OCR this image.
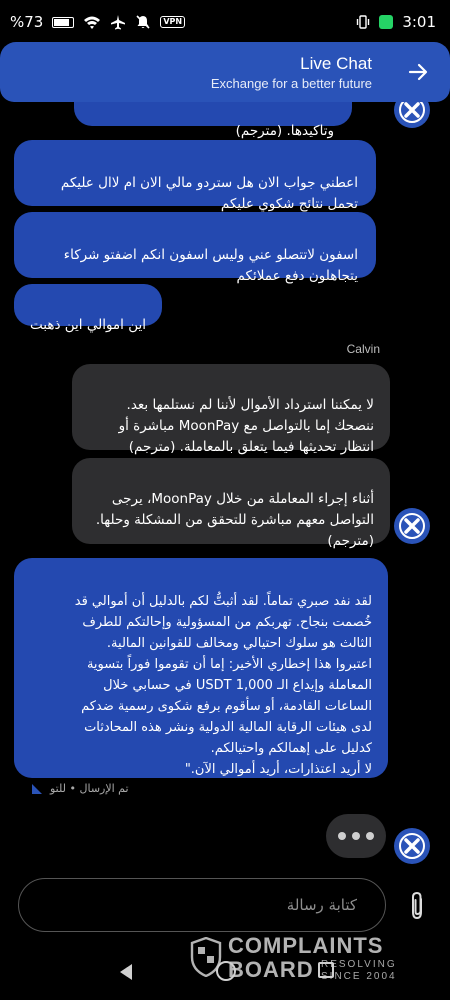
%73	VPN	3:01
Live Chat
Exchange for a better future

وتاكيدها. (مترجم)

اعطني جواب الان هل ستردو مالي الان ام لاال عليكم
تحمل نتائج شكوي عليكم

اسفون لاتتصلو عني وليس اسفون انكم اضفتو شركاء
يتجاهلون دفع عملائكم

اين اموالي اين ذهبت

Calvin

لا يمكننا استرداد الأموال لأننا لم نستلمها بعد.
ننصحك إما بالتواصل مع MoonPay مباشرة أو
انتظار تحديثها فيما يتعلق بالمعاملة. (مترجم)

أثناء إجراء المعاملة من خلال MoonPay، يرجى
التواصل معهم مباشرة للتحقق من المشكلة وحلها.
(مترجم)

لقد نفد صبري تماماً. لقد أثبتُّ لكم بالدليل أن أموالي قد
خُصمت بنجاح. تهربكم من المسؤولية وإحالتكم للطرف
الثالث هو سلوك احتيالي ومخالف للقوانين المالية.
اعتبروا هذا إخطاري الأخير: إما أن تقوموا فوراً بتسوية
المعاملة وإيداع الـ USDT 1,000 في حسابي خلال
الساعات القادمة، أو سأقوم برفع شكوى رسمية ضدكم
لدى هيئات الرقابة المالية الدولية ونشر هذه المحادثات
كدليل على إهمالكم واحتيالكم.
لا أريد اعتذارات، أريد أموالي الآن."

تم الإرسال • للتو
كتابة رسالة
COMPLAINTS
BOARD RESOLVING
SINCE 2004
